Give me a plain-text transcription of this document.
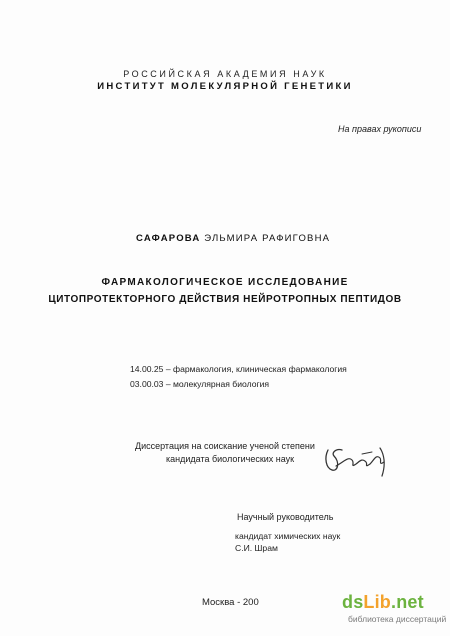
РОССИЙСКАЯ АКАДЕМИЯ НАУК
ИНСТИТУТ МОЛЕКУЛЯРНОЙ ГЕНЕТИКИ
На правах рукописи
САФАРОВА ЭЛЬМИРА РАФИГОВНА
ФАРМАКОЛОГИЧЕСКОЕ ИССЛЕДОВАНИЕ
ЦИТОПРОТЕКТОРНОГО ДЕЙСТВИЯ НЕЙРОТРОПНЫХ ПЕПТИДОВ
14.00.25 – фармакология, клиническая фармакология
03.00.03 – молекулярная биология
Диссертация на соискание ученой степени
кандидата биологических наук
Научный руководитель
кандидат химических наук
С.И. Шрам
Москва - 200	dsLib.net
библиотека диссертаций
